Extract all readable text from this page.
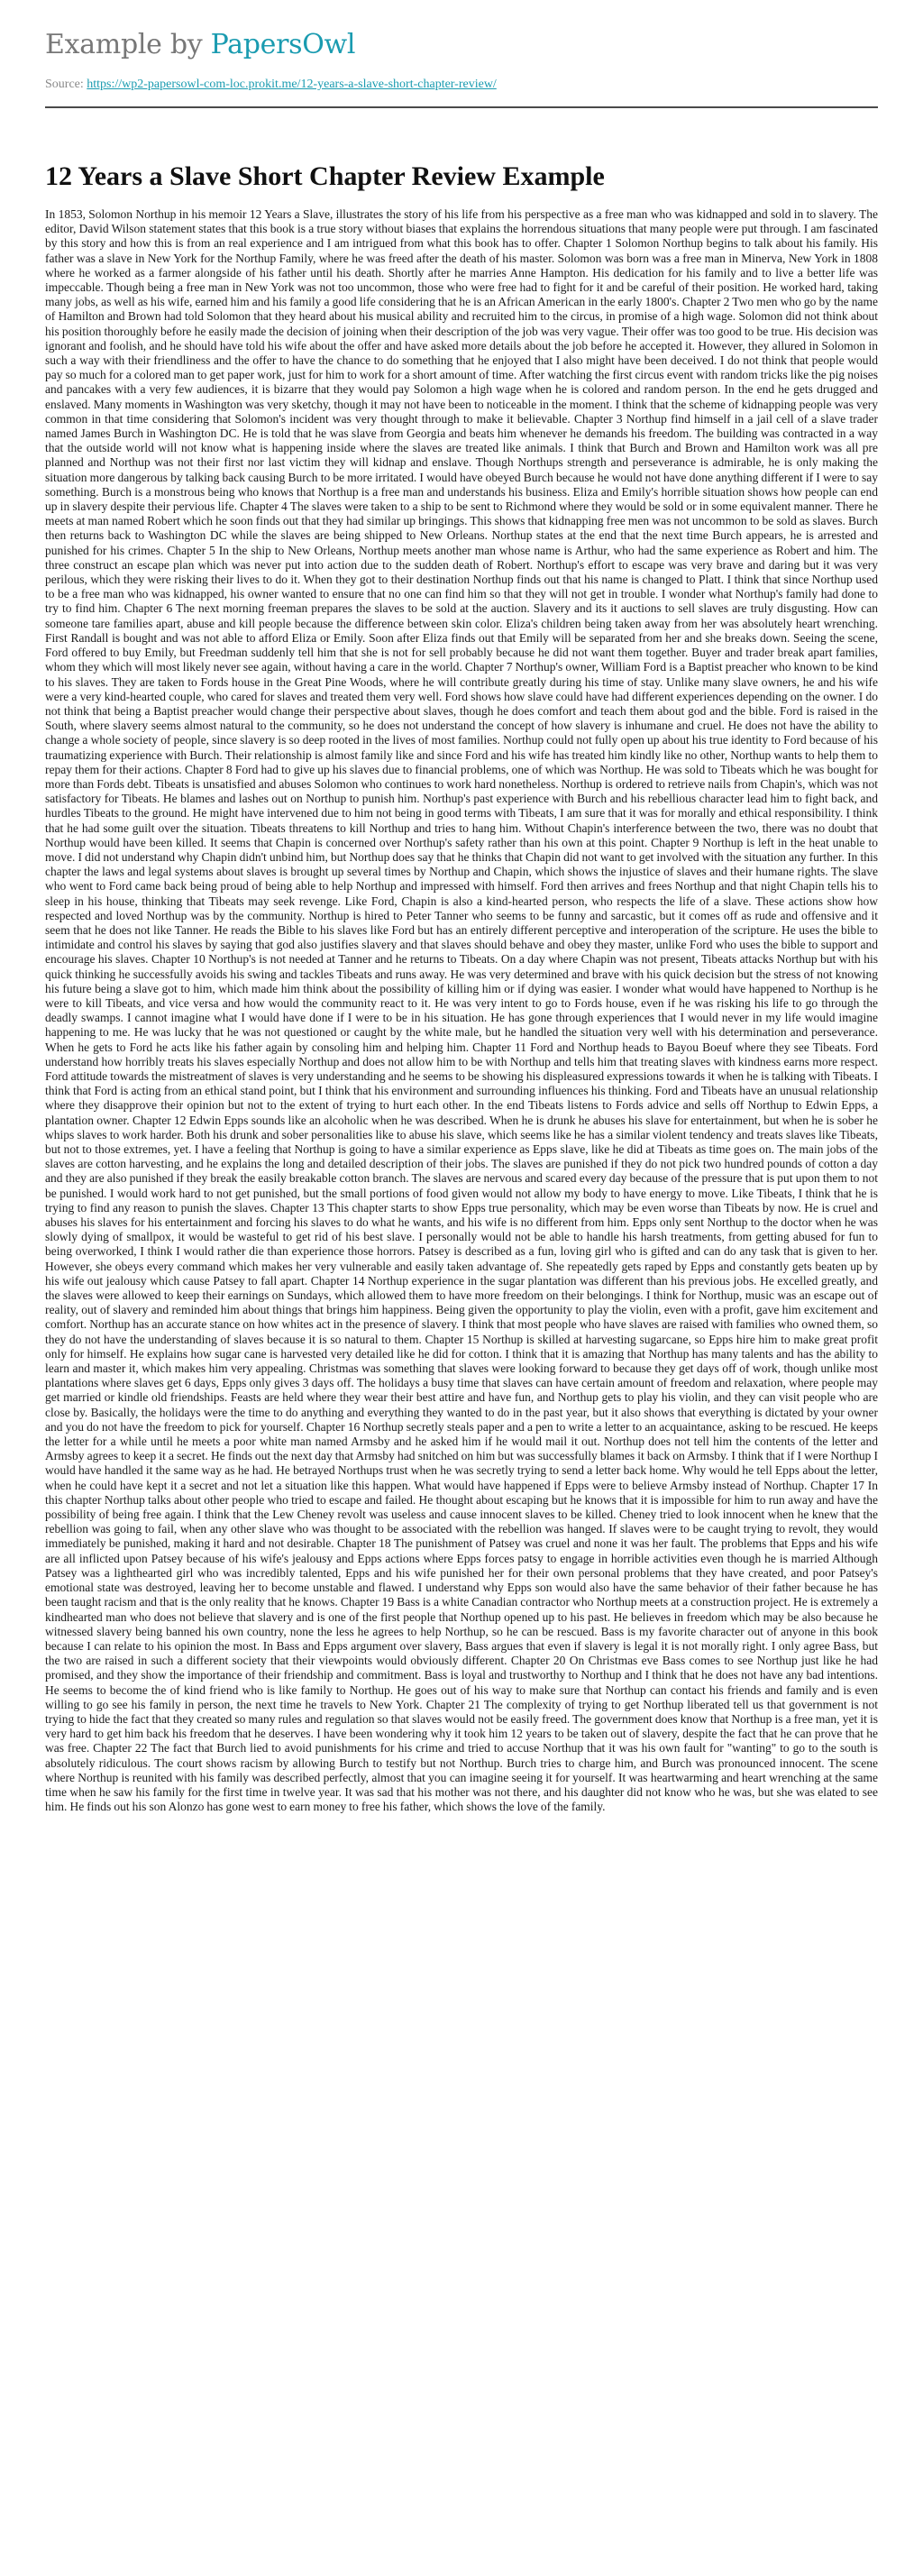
Example by PapersOwl
Source: https://wp2-papersowl-com-loc.prokit.me/12-years-a-slave-short-chapter-review/
12 Years a Slave Short Chapter Review Example

In 1853, Solomon Northup in his memoir 12 Years a Slave, illustrates the story of his life from his perspective as a free man who was kidnapped and sold in to slavery. The editor, David Wilson statement states that this book is a true story without biases that explains the horrendous situations that many people were put through. I am fascinated by this story and how this is from an real experience and I am intrigued from what this book has to offer. Chapter 1 Solomon Northup begins to talk about his family. His father was a slave in New York for the Northup Family, where he was freed after the death of his master. Solomon was born was a free man in Minerva, New York in 1808 where he worked as a farmer alongside of his father until his death. Shortly after he marries Anne Hampton. His dedication for his family and to live a better life was impeccable. Though being a free man in New York was not too uncommon, those who were free had to fight for it and be careful of their position. He worked hard, taking many jobs, as well as his wife, earned him and his family a good life considering that he is an African American in the early 1800's. Chapter 2 Two men who go by the name of Hamilton and Brown had told Solomon that they heard about his musical ability and recruited him to the circus, in promise of a high wage. Solomon did not think about his position thoroughly before he easily made the decision of joining when their description of the job was very vague. Their offer was too good to be true. His decision was ignorant and foolish, and he should have told his wife about the offer and have asked more details about the job before he accepted it. However, they allured in Solomon in such a way with their friendliness and the offer to have the chance to do something that he enjoyed that I also might have been deceived. I do not think that people would pay so much for a colored man to get paper work, just for him to work for a short amount of time. After watching the first circus event with random tricks like the pig noises and pancakes with a very few audiences, it is bizarre that they would pay Solomon a high wage when he is colored and random person. In the end he gets drugged and enslaved. Many moments in Washington was very sketchy, though it may not have been to noticeable in the moment. I think that the scheme of kidnapping people was very common in that time considering that Solomon's incident was very thought through to make it believable. Chapter 3 Northup find himself in a jail cell of a slave trader named James Burch in Washington DC. He is told that he was slave from Georgia and beats him whenever he demands his freedom. The building was contracted in a way that the outside world will not know what is happening inside where the slaves are treated like animals. I think that Burch and Brown and Hamilton work was all pre planned and Northup was not their first nor last victim they will kidnap and enslave. Though Northups strength and perseverance is admirable, he is only making the situation more dangerous by talking back causing Burch to be more irritated. I would have obeyed Burch because he would not have done anything different if I were to say something. Burch is a monstrous being who knows that Northup is a free man and understands his business. Eliza and Emily's horrible situation shows how people can end up in slavery despite their pervious life. Chapter 4 The slaves were taken to a ship to be sent to Richmond where they would be sold or in some equivalent manner. There he meets at man named Robert which he soon finds out that they had similar up bringings. This shows that kidnapping free men was not uncommon to be sold as slaves. Burch then returns back to Washington DC while the slaves are being shipped to New Orleans. Northup states at the end that the next time Burch appears, he is arrested and punished for his crimes. Chapter 5 In the ship to New Orleans, Northup meets another man whose name is Arthur, who had the same experience as Robert and him. The three construct an escape plan which was never put into action due to the sudden death of Robert. Northup's effort to escape was very brave and daring but it was very perilous, which they were risking their lives to do it. When they got to their destination Northup finds out that his name is changed to Platt. I think that since Northup used to be a free man who was kidnapped, his owner wanted to ensure that no one can find him so that they will not get in trouble. I wonder what Northup's family had done to try to find him. Chapter 6 The next morning freeman prepares the slaves to be sold at the auction. Slavery and its it auctions to sell slaves are truly disgusting. How can someone tare families apart, abuse and kill people because the difference between skin color. Eliza's children being taken away from her was absolutely heart wrenching. First Randall is bought and was not able to afford Eliza or Emily. Soon after Eliza finds out that Emily will be separated from her and she breaks down. Seeing the scene, Ford offered to buy Emily, but Freedman suddenly tell him that she is not for sell probably because he did not want them together. Buyer and trader break apart families, whom they which will most likely never see again, without having a care in the world. Chapter 7 Northup's owner, William Ford is a Baptist preacher who known to be kind to his slaves. They are taken to Fords house in the Great Pine Woods, where he will contribute greatly during his time of stay. Unlike many slave owners, he and his wife were a very kind-hearted couple, who cared for slaves and treated them very well. Ford shows how slave could have had different experiences depending on the owner. I do not think that being a Baptist preacher would change their perspective about slaves, though he does comfort and teach them about god and the bible. Ford is raised in the South, where slavery seems almost natural to the community, so he does not understand the concept of how slavery is inhumane and cruel. He does not have the ability to change a whole society of people, since slavery is so deep rooted in the lives of most families. Northup could not fully open up about his true identity to Ford because of his traumatizing experience with Burch. Their relationship is almost family like and since Ford and his wife has treated him kindly like no other, Northup wants to help them to repay them for their actions. Chapter 8 Ford had to give up his slaves due to financial problems, one of which was Northup. He was sold to Tibeats which he was bought for more than Fords debt. Tibeats is unsatisfied and abuses Solomon who continues to work hard nonetheless. Northup is ordered to retrieve nails from Chapin's, which was not satisfactory for Tibeats. He blames and lashes out on Northup to punish him. Northup's past experience with Burch and his rebellious character lead him to fight back, and hurdles Tibeats to the ground. He might have intervened due to him not being in good terms with Tibeats, I am sure that it was for morally and ethical responsibility. I think that he had some guilt over the situation. Tibeats threatens to kill Northup and tries to hang him. Without Chapin's interference between the two, there was no doubt that Northup would have been killed. It seems that Chapin is concerned over Northup's safety rather than his own at this point. Chapter 9 Northup is left in the heat unable to move. I did not understand why Chapin didn't unbind him, but Northup does say that he thinks that Chapin did not want to get involved with the situation any further. In this chapter the laws and legal systems about slaves is brought up several times by Northup and Chapin, which shows the injustice of slaves and their humane rights. The slave who went to Ford came back being proud of being able to help Northup and impressed with himself. Ford then arrives and frees Northup and that night Chapin tells his to sleep in his house, thinking that Tibeats may seek revenge. Like Ford, Chapin is also a kind-hearted person, who respects the life of a slave. These actions show how respected and loved Northup was by the community. Northup is hired to Peter Tanner who seems to be funny and sarcastic, but it comes off as rude and offensive and it seem that he does not like Tanner. He reads the Bible to his slaves like Ford but has an entirely different perceptive and interoperation of the scripture. He uses the bible to intimidate and control his slaves by saying that god also justifies slavery and that slaves should behave and obey they master, unlike Ford who uses the bible to support and encourage his slaves. Chapter 10 Northup's is not needed at Tanner and he returns to Tibeats. On a day where Chapin was not present, Tibeats attacks Northup but with his quick thinking he successfully avoids his swing and tackles Tibeats and runs away. He was very determined and brave with his quick decision but the stress of not knowing his future being a slave got to him, which made him think about the possibility of killing him or if dying was easier. I wonder what would have happened to Northup is he were to kill Tibeats, and vice versa and how would the community react to it. He was very intent to go to Fords house, even if he was risking his life to go through the deadly swamps. I cannot imagine what I would have done if I were to be in his situation. He has gone through experiences that I would never in my life would imagine happening to me. He was lucky that he was not questioned or caught by the white male, but he handled the situation very well with his determination and perseverance. When he gets to Ford he acts like his father again by consoling him and helping him. Chapter 11 Ford and Northup heads to Bayou Boeuf where they see Tibeats. Ford understand how horribly treats his slaves especially Northup and does not allow him to be with Northup and tells him that treating slaves with kindness earns more respect. Ford attitude towards the mistreatment of slaves is very understanding and he seems to be showing his displeasured expressions towards it when he is talking with Tibeats. I think that Ford is acting from an ethical stand point, but I think that his environment and surrounding influences his thinking. Ford and Tibeats have an unusual relationship where they disapprove their opinion but not to the extent of trying to hurt each other. In the end Tibeats listens to Fords advice and sells off Northup to Edwin Epps, a plantation owner. Chapter 12 Edwin Epps sounds like an alcoholic when he was described. When he is drunk he abuses his slave for entertainment, but when he is sober he whips slaves to work harder. Both his drunk and sober personalities like to abuse his slave, which seems like he has a similar violent tendency and treats slaves like Tibeats, but not to those extremes, yet. I have a feeling that Northup is going to have a similar experience as Epps slave, like he did at Tibeats as time goes on. The main jobs of the slaves are cotton harvesting, and he explains the long and detailed description of their jobs. The slaves are punished if they do not pick two hundred pounds of cotton a day and they are also punished if they break the easily breakable cotton branch. The slaves are nervous and scared every day because of the pressure that is put upon them to not be punished. I would work hard to not get punished, but the small portions of food given would not allow my body to have energy to move. Like Tibeats, I think that he is trying to find any reason to punish the slaves. Chapter 13 This chapter starts to show Epps true personality, which may be even worse than Tibeats by now. He is cruel and abuses his slaves for his entertainment and forcing his slaves to do what he wants, and his wife is no different from him. Epps only sent Northup to the doctor when he was slowly dying of smallpox, it would be wasteful to get rid of his best slave. I personally would not be able to handle his harsh treatments, from getting abused for fun to being overworked, I think I would rather die than experience those horrors. Patsey is described as a fun, loving girl who is gifted and can do any task that is given to her. However, she obeys every command which makes her very vulnerable and easily taken advantage of. She repeatedly gets raped by Epps and constantly gets beaten up by his wife out jealousy which cause Patsey to fall apart. Chapter 14 Northup experience in the sugar plantation was different than his previous jobs. He excelled greatly, and the slaves were allowed to keep their earnings on Sundays, which allowed them to have more freedom on their belongings. I think for Northup, music was an escape out of reality, out of slavery and reminded him about things that brings him happiness. Being given the opportunity to play the violin, even with a profit, gave him excitement and comfort. Northup has an accurate stance on how whites act in the presence of slavery. I think that most people who have slaves are raised with families who owned them, so they do not have the understanding of slaves because it is so natural to them. Chapter 15 Northup is skilled at harvesting sugarcane, so Epps hire him to make great profit only for himself. He explains how sugar cane is harvested very detailed like he did for cotton. I think that it is amazing that Northup has many talents and has the ability to learn and master it, which makes him very appealing. Christmas was something that slaves were looking forward to because they get days off of work, though unlike most plantations where slaves get 6 days, Epps only gives 3 days off. The holidays a busy time that slaves can have certain amount of freedom and relaxation, where people may get married or kindle old friendships. Feasts are held where they wear their best attire and have fun, and Northup gets to play his violin, and they can visit people who are close by. Basically, the holidays were the time to do anything and everything they wanted to do in the past year, but it also shows that everything is dictated by your owner and you do not have the freedom to pick for yourself. Chapter 16 Northup secretly steals paper and a pen to write a letter to an acquaintance, asking to be rescued. He keeps the letter for a while until he meets a poor white man named Armsby and he asked him if he would mail it out. Northup does not tell him the contents of the letter and Armsby agrees to keep it a secret. He finds out the next day that Armsby had snitched on him but was successfully blames it back on Armsby. I think that if I were Northup I would have handled it the same way as he had. He betrayed Northups trust when he was secretly trying to send a letter back home. Why would he tell Epps about the letter, when he could have kept it a secret and not let a situation like this happen. What would have happened if Epps were to believe Armsby instead of Northup. Chapter 17 In this chapter Northup talks about other people who tried to escape and failed. He thought about escaping but he knows that it is impossible for him to run away and have the possibility of being free again. I think that the Lew Cheney revolt was useless and cause innocent slaves to be killed. Cheney tried to look innocent when he knew that the rebellion was going to fail, when any other slave who was thought to be associated with the rebellion was hanged. If slaves were to be caught trying to revolt, they would immediately be punished, making it hard and not desirable. Chapter 18 The punishment of Patsey was cruel and none it was her fault. The problems that Epps and his wife are all inflicted upon Patsey because of his wife's jealousy and Epps actions where Epps forces patsy to engage in horrible activities even though he is married Although Patsey was a lighthearted girl who was incredibly talented, Epps and his wife punished her for their own personal problems that they have created, and poor Patsey's emotional state was destroyed, leaving her to become unstable and flawed. I understand why Epps son would also have the same behavior of their father because he has been taught racism and that is the only reality that he knows. Chapter 19 Bass is a white Canadian contractor who Northup meets at a construction project. He is extremely a kindhearted man who does not believe that slavery and is one of the first people that Northup opened up to his past. He believes in freedom which may be also because he witnessed slavery being banned his own country, none the less he agrees to help Northup, so he can be rescued. Bass is my favorite character out of anyone in this book because I can relate to his opinion the most. In Bass and Epps argument over slavery, Bass argues that even if slavery is legal it is not morally right. I only agree Bass, but the two are raised in such a different society that their viewpoints would obviously different. Chapter 20 On Christmas eve Bass comes to see Northup just like he had promised, and they show the importance of their friendship and commitment. Bass is loyal and trustworthy to Northup and I think that he does not have any bad intentions. He seems to become the of kind friend who is like family to Northup. He goes out of his way to make sure that Northup can contact his friends and family and is even willing to go see his family in person, the next time he travels to New York. Chapter 21 The complexity of trying to get Northup liberated tell us that government is not trying to hide the fact that they created so many rules and regulation so that slaves would not be easily freed. The government does know that Northup is a free man, yet it is very hard to get him back his freedom that he deserves. I have been wondering why it took him 12 years to be taken out of slavery, despite the fact that he can prove that he was free. Chapter 22 The fact that Burch lied to avoid punishments for his crime and tried to accuse Northup that it was his own fault for "wanting" to go to the south is absolutely ridiculous. The court shows racism by allowing Burch to testify but not Northup. Burch tries to charge him, and Burch was pronounced innocent. The scene where Northup is reunited with his family was described perfectly, almost that you can imagine seeing it for yourself. It was heartwarming and heart wrenching at the same time when he saw his family for the first time in twelve year. It was sad that his mother was not there, and his daughter did not know who he was, but she was elated to see him. He finds out his son Alonzo has gone west to earn money to free his father, which shows the love of the family.
